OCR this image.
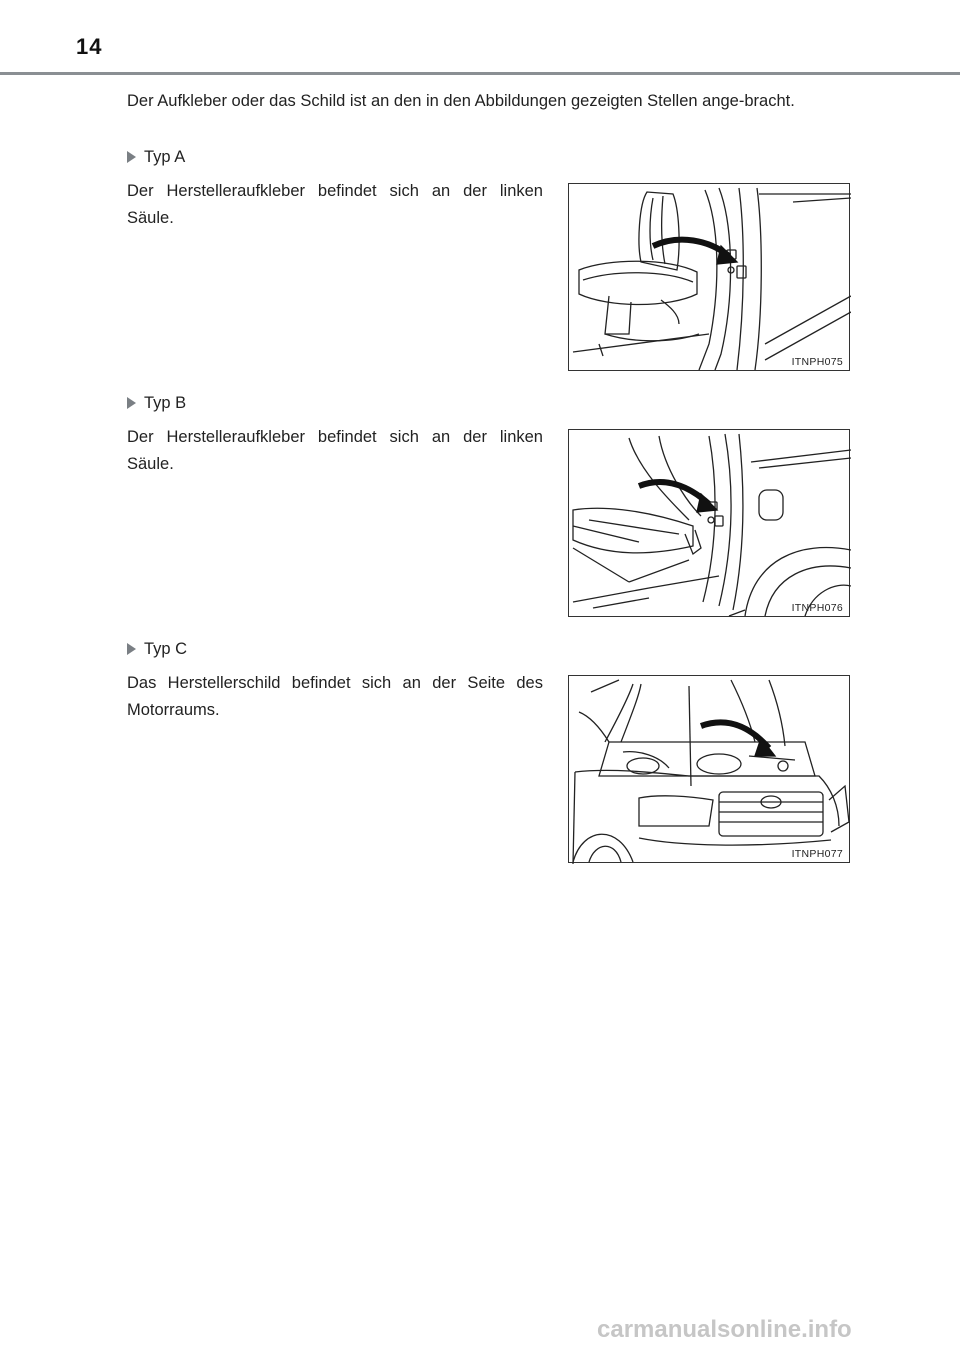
14
Der Aufkleber oder das Schild ist an den in den Abbildungen gezeigten Stellen ange-bracht.
Typ A
Der Herstelleraufkleber befindet sich an der linken Säule.
ITNPH075
Typ B
Der Herstelleraufkleber befindet sich an der linken Säule.
ITNPH076
Typ C
Das Herstellerschild befindet sich an der Seite des Motorraums.
ITNPH077
carmanualsonline.info
